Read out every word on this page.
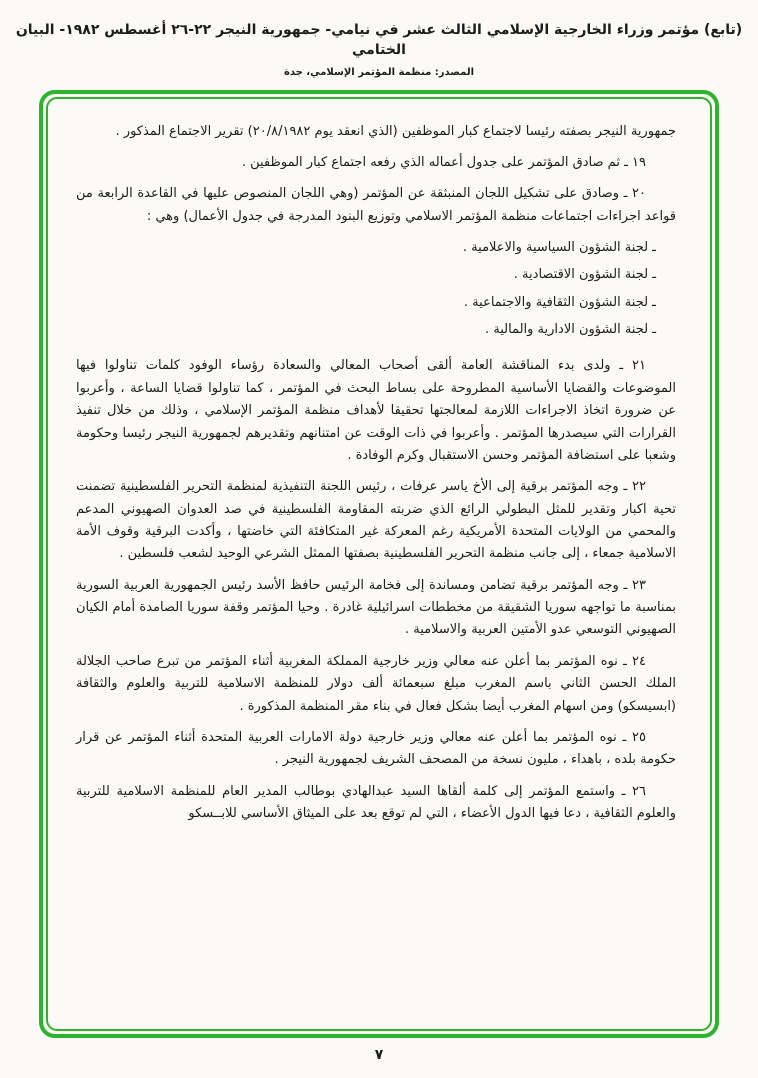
(تابع) مؤتمر وزراء الخارجية الإسلامي الثالث عشر في نيامي- جمهورية النيجر ٢٢-٢٦ أغسطس ١٩٨٢- البيان الختامي
المصدر: منظمة المؤتمر الإسلامي، جدة

جمهورية النيجر بصفته رئيسا لاجتماع كبار الموظفين (الذي انعقد يوم ٢٠/٨/١٩٨٢) تقرير الاجتماع المذكور .

١٩ ـ ثم صادق المؤتمر على جدول أعماله الذي رفعه اجتماع كبار الموظفين .

٢٠ ـ وصادق على تشكيل اللجان المنبثقة عن المؤتمر (وهي اللجان المنصوص عليها في القاعدة الرابعة من قواعد اجراءات اجتماعات منظمة المؤتمر الاسلامي وتوزيع البنود المدرجة في جدول الأعمال) وهي :

ـ لجنة الشؤون السياسية والاعلامية .

ـ لجنة الشؤون الاقتصادية .

ـ لجنة الشؤون الثقافية والاجتماعية .

ـ لجنة الشؤون الادارية والمالية .

٢١ ـ ولدى بدء المناقشة العامة ألقى أصحاب المعالي والسعادة رؤساء الوفود كلمات تناولوا فيها الموضوعات والقضايا الأساسية المطروحة على بساط البحث في المؤتمر ، كما تناولوا قضايا الساعة ، وأعربوا عن ضرورة اتخاذ الاجراءات اللازمة لمعالجتها تحقيقا لأهداف منظمة المؤتمر الإسلامي ، وذلك من خلال تنفيذ القرارات التي سيصدرها المؤتمر . وأعربوا في ذات الوقت عن امتنانهم وتقديرهم لجمهورية النيجر رئيسا وحكومة وشعبا على استضافة المؤتمر وحسن الاستقبال وكرم الوفادة .

٢٢ ـ وجه المؤتمر برقية إلى الأخ ياسر عرفات ، رئيس اللجنة التنفيذية لمنظمة التحرير الفلسطينية تضمنت تحية اكبار وتقدير للمثل البطولي الرائع الذي ضربته المقاومة الفلسطينية في صد العدوان الصهيوني المدعم والمحمي من الولايات المتحدة الأمريكية رغم المعركة غير المتكافئة التي خاضتها ، وأكدت البرقية وقوف الأمة الاسلامية جمعاء ، إلى جانب منظمة التحرير الفلسطينية بصفتها الممثل الشرعي الوحيد لشعب فلسطين .

٢٣ ـ وجه المؤتمر برقية تضامن ومساندة إلى فخامة الرئيس حافظ الأسد رئيس الجمهورية العربية السورية بمناسبة ما تواجهه سوريا الشقيقة من مخططات اسرائيلية غادرة . وحيا المؤتمر وقفة سوريا الصامدة أمام الكيان الصهيوني التوسعي عدو الأمتين العربية والاسلامية .

٢٤ ـ نوه المؤتمر بما أعلن عنه معالي وزير خارجية المملكة المغربية أثناء المؤتمر من تبرع صاحب الجلالة الملك الحسن الثاني باسم المغرب مبلغ سبعمائة ألف دولار للمنظمة الاسلامية للتربية والعلوم والثقافة (ابسيسكو) ومن اسهام المغرب أيضا بشكل فعال في بناء مقر المنظمة المذكورة .

٢٥ ـ نوه المؤتمر بما أعلن عنه معالي وزير خارجية دولة الامارات العربية المتحدة أثناء المؤتمر عن قرار حكومة بلده ، باهداء ، مليون نسخة من المصحف الشريف لجمهورية النيجر .

٢٦ ـ واستمع المؤتمر إلى كلمة ألقاها السيد عبدالهادي بوطالب المدير العام للمنظمة الاسلامية للتربية والعلوم الثقافية ، دعا فيها الدول الأعضاء ، التي لم توقع بعد على الميثاق الأساسي للابــسكو

٧
